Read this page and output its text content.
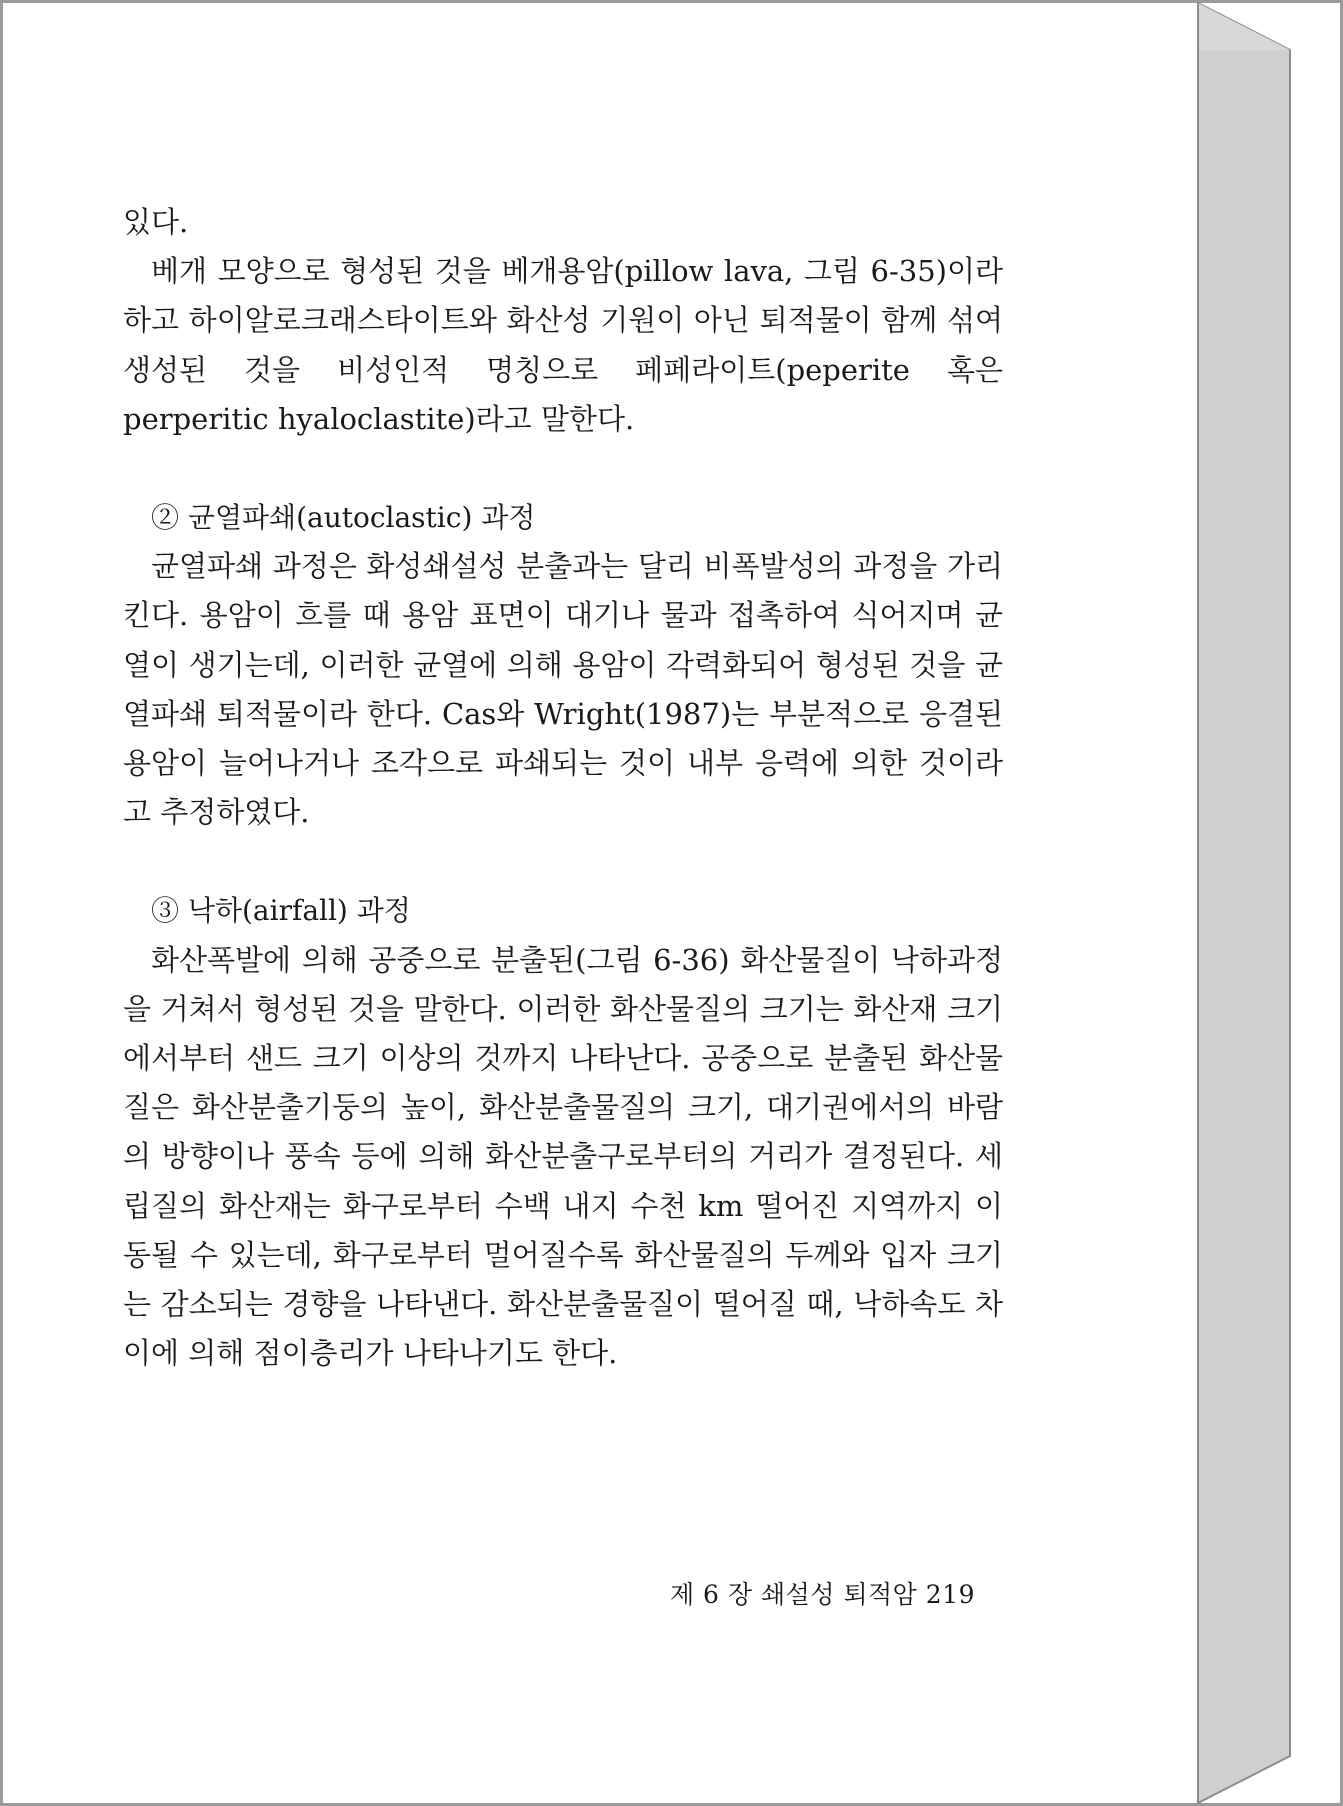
있다.

베개 모양으로 형성된 것을 베개용암(pillow lava, 그림 6-35)이라 하고 하이알로크래스타이트와 화산성 기원이 아닌 퇴적물이 함께 섞여 생성된 것을 비성인적 명칭으로 페페라이트(peperite 혹은 perperitic hyaloclastite)라고 말한다.

② 균열파쇄(autoclastic) 과정

균열파쇄 과정은 화성쇄설성 분출과는 달리 비폭발성의 과정을 가리킨다. 용암이 흐를 때 용암 표면이 대기나 물과 접촉하여 식어지며 균열이 생기는데, 이러한 균열에 의해 용암이 각력화되어 형성된 것을 균열파쇄 퇴적물이라 한다. Cas와 Wright(1987)는 부분적으로 응결된 용암이 늘어나거나 조각으로 파쇄되는 것이 내부 응력에 의한 것이라고 추정하였다.

③ 낙하(airfall) 과정

화산폭발에 의해 공중으로 분출된(그림 6-36) 화산물질이 낙하과정을 거쳐서 형성된 것을 말한다. 이러한 화산물질의 크기는 화산재 크기에서부터 샌드 크기 이상의 것까지 나타난다. 공중으로 분출된 화산물질은 화산분출기둥의 높이, 화산분출물질의 크기, 대기권에서의 바람의 방향이나 풍속 등에 의해 화산분출구로부터의 거리가 결정된다. 세립질의 화산재는 화구로부터 수백 내지 수천 km 떨어진 지역까지 이동될 수 있는데, 화구로부터 멀어질수록 화산물질의 두께와 입자 크기는 감소되는 경향을 나타낸다. 화산분출물질이 떨어질 때, 낙하속도 차이에 의해 점이층리가 나타나기도 한다.

제 6 장 쇄설성 퇴적암 219
